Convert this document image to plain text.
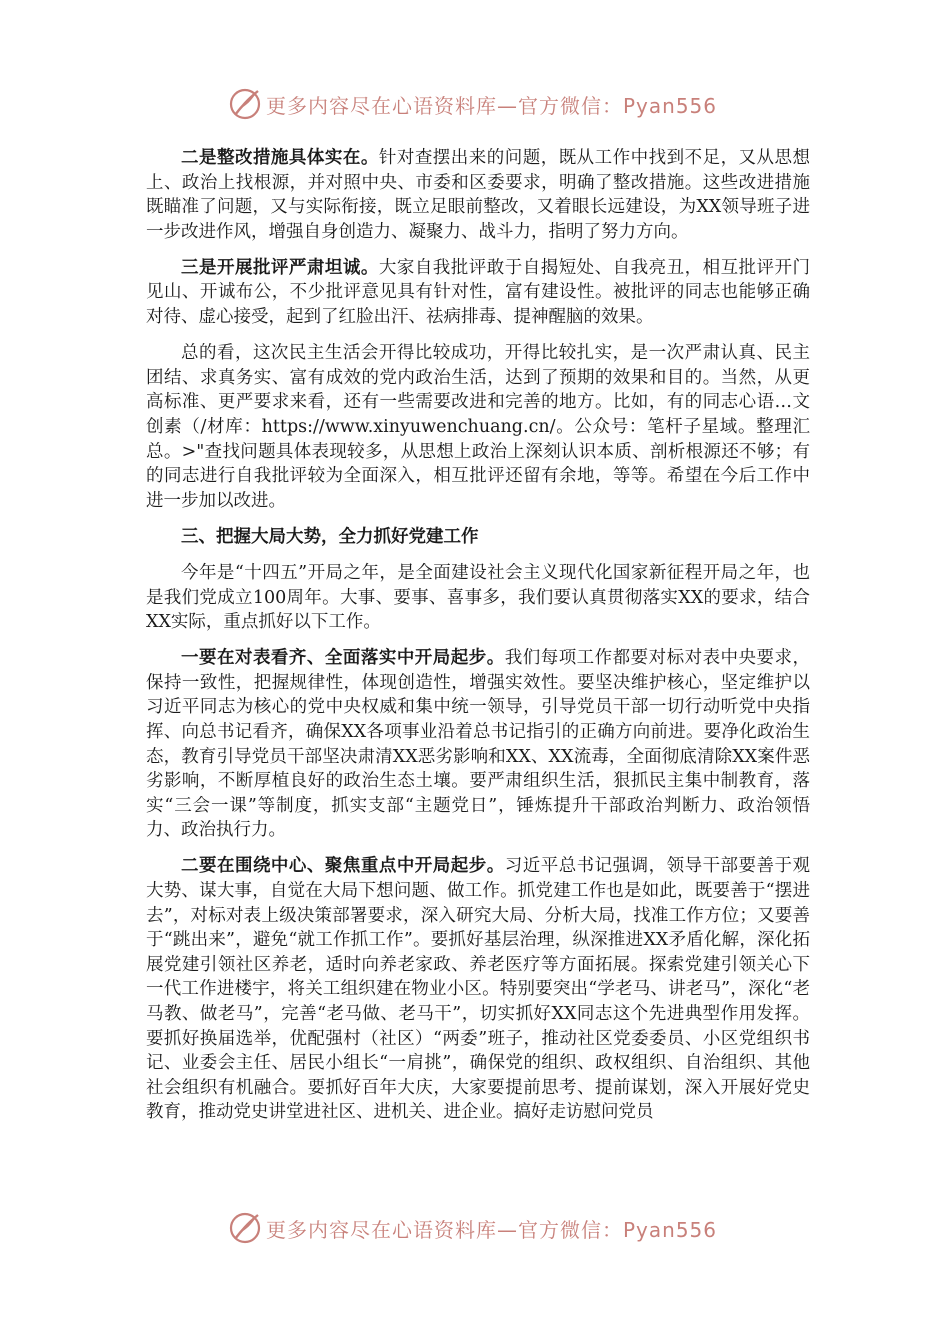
更多内容尽在心语资料库—官方微信：Pyan556

二是整改措施具体实在。针对查摆出来的问题，既从工作中找到不足，又从思想上、政治上找根源，并对照中央、市委和区委要求，明确了整改措施。这些改进措施既瞄准了问题，又与实际衔接，既立足眼前整改，又着眼长远建设，为XX领导班子进一步改进作风，增强自身创造力、凝聚力、战斗力，指明了努力方向。

三是开展批评严肃坦诚。大家自我批评敢于自揭短处、自我亮丑，相互批评开门见山、开诚布公，不少批评意见具有针对性，富有建设性。被批评的同志也能够正确对待、虚心接受，起到了红脸出汗、祛病排毒、提神醒脑的效果。

总的看，这次民主生活会开得比较成功，开得比较扎实，是一次严肃认真、民主团结、求真务实、富有成效的党内政治生活，达到了预期的效果和目的。当然，从更高标准、更严要求来看，还有一些需要改进和完善的地方。比如，有的同志心语…文创素（/材库：https://www.xinyuwenchuang.cn/。公众号：笔杆子星域。整理汇总。>"查找问题具体表现较多，从思想上政治上深刻认识本质、剖析根源还不够；有的同志进行自我批评较为全面深入，相互批评还留有余地，等等。希望在今后工作中进一步加以改进。

三、把握大局大势，全力抓好党建工作

今年是“十四五”开局之年，是全面建设社会主义现代化国家新征程开局之年，也是我们党成立100周年。大事、要事、喜事多，我们要认真贯彻落实XX的要求，结合XX实际，重点抓好以下工作。

一要在对表看齐、全面落实中开局起步。我们每项工作都要对标对表中央要求，保持一致性，把握规律性，体现创造性，增强实效性。要坚决维护核心，坚定维护以习近平同志为核心的党中央权威和集中统一领导，引导党员干部一切行动听党中央指挥、向总书记看齐，确保XX各项事业沿着总书记指引的正确方向前进。要净化政治生态，教育引导党员干部坚决肃清XX恶劣影响和XX、XX流毒，全面彻底清除XX案件恶劣影响，不断厚植良好的政治生态土壤。要严肃组织生活，狠抓民主集中制教育，落实“三会一课”等制度，抓实支部“主题党日”，锤炼提升干部政治判断力、政治领悟力、政治执行力。

二要在围绕中心、聚焦重点中开局起步。习近平总书记强调，领导干部要善于观大势、谋大事，自觉在大局下想问题、做工作。抓党建工作也是如此，既要善于“摆进去”，对标对表上级决策部署要求，深入研究大局、分析大局，找准工作方位；又要善于“跳出来”，避免“就工作抓工作”。要抓好基层治理，纵深推进XX矛盾化解，深化拓展党建引领社区养老，适时向养老家政、养老医疗等方面拓展。探索党建引领关心下一代工作进楼宇，将关工组织建在物业小区。特别要突出“学老马、讲老马”，深化“老马教、做老马”，完善“老马做、老马干”，切实抓好XX同志这个先进典型作用发挥。要抓好换届选举，优配强村（社区）“两委”班子，推动社区党委委员、小区党组织书记、业委会主任、居民小组长“一肩挑”，确保党的组织、政权组织、自治组织、其他社会组织有机融合。要抓好百年大庆，大家要提前思考、提前谋划，深入开展好党史教育，推动党史讲堂进社区、进机关、进企业。搞好走访慰问党员

更多内容尽在心语资料库—官方微信：Pyan556
